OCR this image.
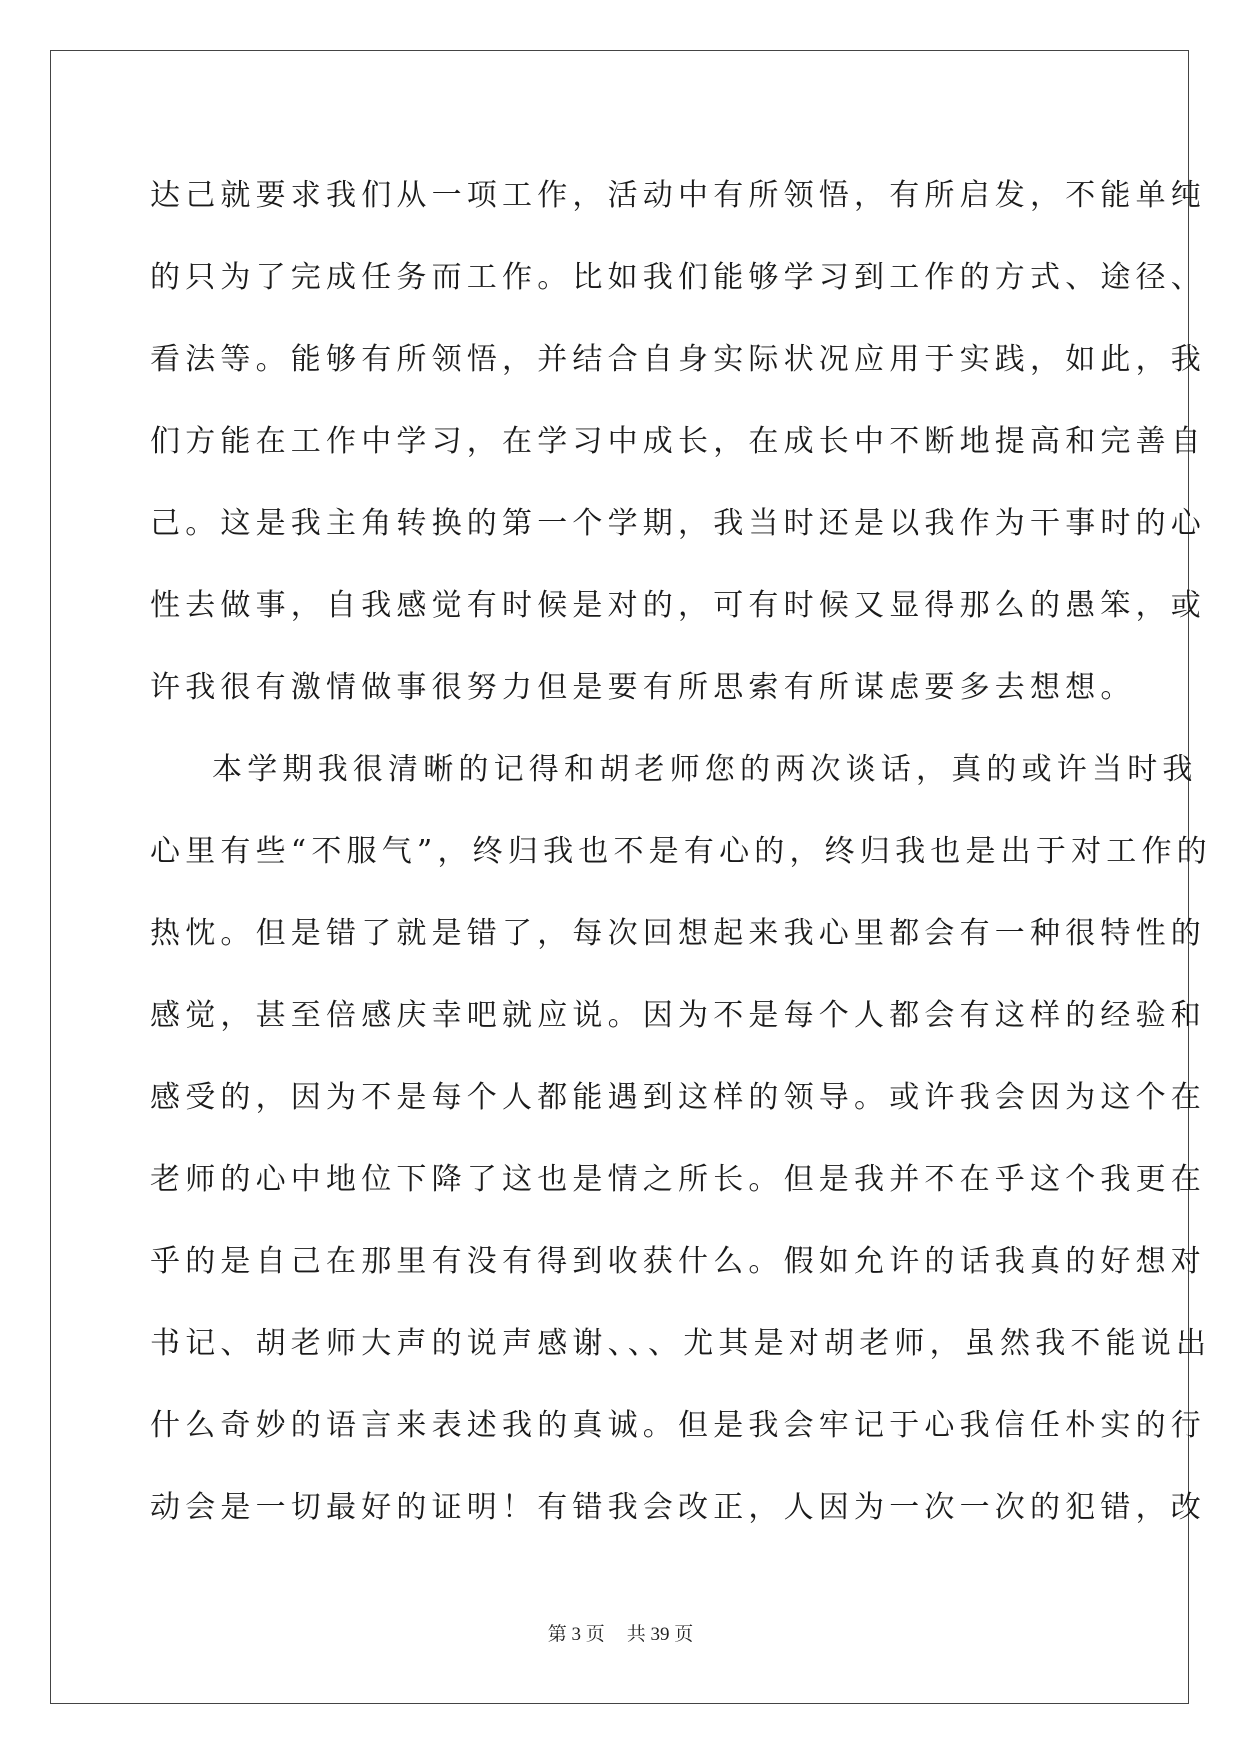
达己就要求我们从一项工作，活动中有所领悟，有所启发，不能单纯
的只为了完成任务而工作。比如我们能够学习到工作的方式、途径、
看法等。能够有所领悟，并结合自身实际状况应用于实践，如此，我
们方能在工作中学习，在学习中成长，在成长中不断地提高和完善自
己。这是我主角转换的第一个学期，我当时还是以我作为干事时的心
性去做事，自我感觉有时候是对的，可有时候又显得那么的愚笨，或
许我很有激情做事很努力但是要有所思索有所谋虑要多去想想。
本学期我很清晰的记得和胡老师您的两次谈话，真的或许当时我
心里有些“不服气”，终归我也不是有心的，终归我也是出于对工作的
热忱。但是错了就是错了，每次回想起来我心里都会有一种很特性的
感觉，甚至倍感庆幸吧就应说。因为不是每个人都会有这样的经验和
感受的，因为不是每个人都能遇到这样的领导。或许我会因为这个在
老师的心中地位下降了这也是情之所长。但是我并不在乎这个我更在
乎的是自己在那里有没有得到收获什么。假如允许的话我真的好想对
书记、胡老师大声的说声感谢、、、尤其是对胡老师，虽然我不能说出
什么奇妙的语言来表述我的真诚。但是我会牢记于心我信任朴实的行
动会是一切最好的证明！有错我会改正，人因为一次一次的犯错，改
第 3 页 共 39 页
